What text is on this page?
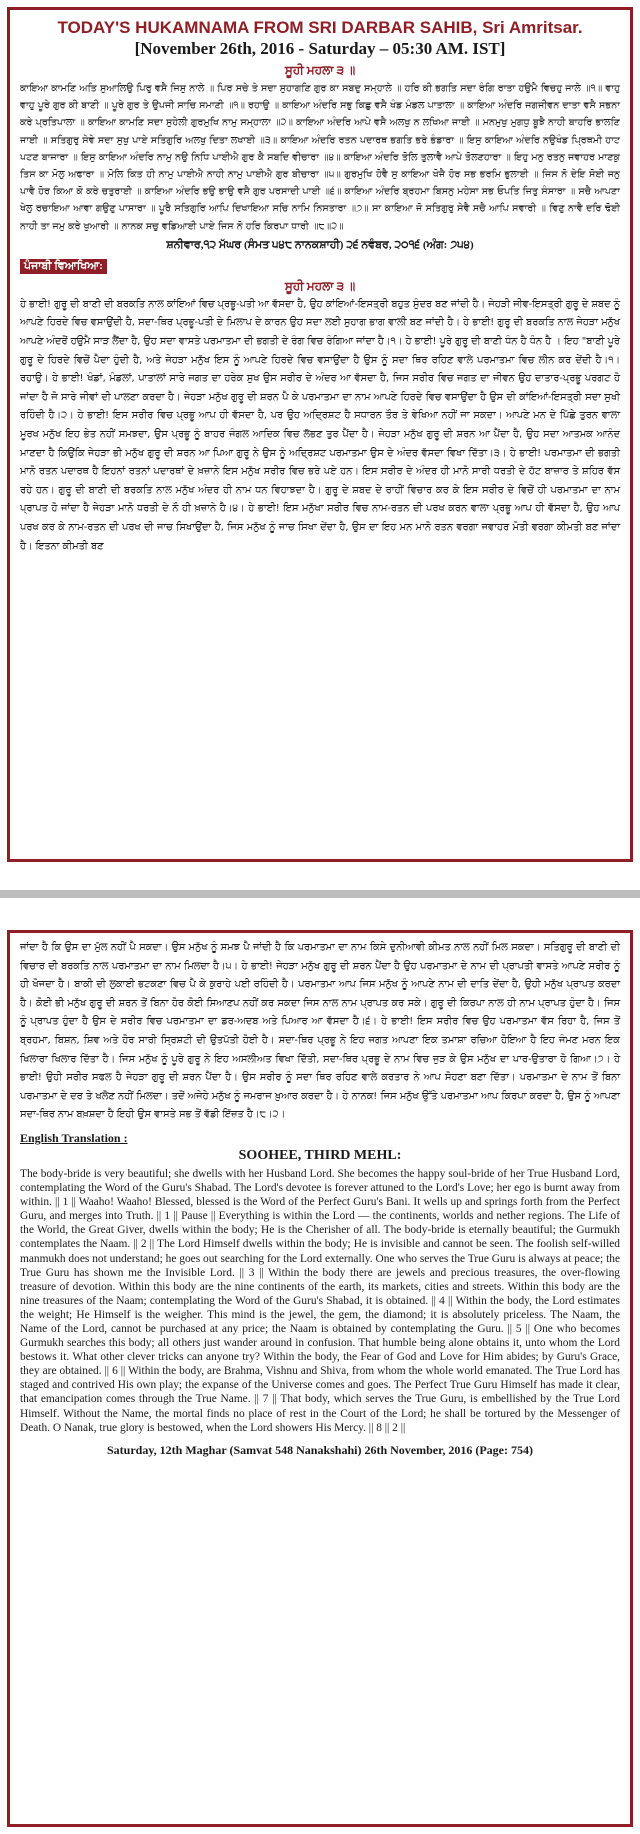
TODAY'S HUKAMNAMA FROM SRI DARBAR SAHIB, Sri Amritsar.
[November 26th, 2016 - Saturday – 05:30 AM. IST]
ਸੂਹੀ ਮਹਲਾ ੩ ॥

ਕਾਇਆ ਕਾਮਣਿ ਅਤਿ ਸੁਆਲਿਉ ਪਿਰੁ ਵਸੈ ਜਿਸੁ ਨਾਲੇ ॥ ਪਿਰ ਸਚੇ ਤੇ ਸਦਾ ਸੁਹਾਗਣਿ ਗੁਰ ਕਾ ਸਬਦੁ ਸਮ੍ਹਾਲੇ ॥ ਹਰਿ ਕੀ ਭਗਤਿ ਸਦਾ ਰੰਗਿ ਰਾਤਾ ਹਉਮੈ ਵਿਚਹੁ ਜਾਲੇ ॥੧॥ ਵਾਹੁ ਵਾਹੁ ਪੂਰੇ ਗੁਰ ਕੀ ਬਾਣੀ ॥ ਪੂਰੇ ਗੁਰ ਤੇ ਉਪਜੀ ਸਾਚਿ ਸਮਾਣੀ ॥੧॥ ਰਹਾਉ ॥ ਕਾਇਆ ਅੰਦਰਿ ਸਭੁ ਕਿਛੁ ਵਸੈ ਖੰਡ ਮੰਡਲ ਪਾਤਾਲਾ ॥ ਕਾਇਆ ਅੰਦਰਿ ਜਗਜੀਵਨ ਦਾਤਾ ਵਸੈ ਸਭਨਾ ਕਰੇ ਪ੍ਰਤਿਪਾਲਾ ॥ ਕਾਇਆ ਕਾਮਣਿ ਸਦਾ ਸੁਹੇਲੀ ਗੁਰਮੁਖਿ ਨਾਮੁ ਸਮ੍ਹਾਲਾ ॥੨॥ ਕਾਇਆ ਅੰਦਰਿ ਆਪੇ ਵਸੈ ਅਲਖੁ ਨ ਲਖਿਆ ਜਾਈ ॥ ਮਨਮੁਖੁ ਮੁਗਧੁ ਬੂਝੈ ਨਾਹੀ ਬਾਹਰਿ ਭਾਲਣਿ ਜਾਈ ॥ ਸਤਿਗੁਰੁ ਸੇਵੇ ਸਦਾ ਸੁਖੁ ਪਾਏ ਸਤਿਗੁਰਿ ਅਲਖੁ ਦਿਤਾ ਲਖਾਈ ॥੩॥ ਕਾਇਆ ਅੰਦਰਿ ਰਤਨ ਪਦਾਰਥ ਭਗਤਿ ਭਰੇ ਭੰਡਾਰਾ ॥ ਇਸੁ ਕਾਇਆ ਅੰਦਰਿ ਨਉਖੰਡ ਪ੍ਰਿਥਮੀ ਹਾਟ ਪਟਣ ਬਾਜਾਰਾ ॥ ਇਸੁ ਕਾਇਆ ਅੰਦਰਿ ਨਾਮੁ ਨਉ ਨਿਧਿ ਪਾਈਐ ਗੁਰ ਕੈ ਸਬਦਿ ਵੀਚਾਰਾ ॥੪॥ ਕਾਇਆ ਅੰਦਰਿ ਤੋਲਿ ਤੁਲਾਵੈ ਆਪੇ ਤੋਲਣਹਾਰਾ ॥ ਇਹੁ ਮਨੁ ਰਤਨੁ ਜਵਾਹਰ ਮਾਣਕੁ ਤਿਸ ਕਾ ਮੋਲੁ ਅਫਾਰਾ ॥ ਮੋਲਿ ਕਿਤ ਹੀ ਨਾਮੁ ਪਾਈਐ ਨਾਹੀ ਨਾਮੁ ਪਾਈਐ ਗੁਰ ਬੀਚਾਰਾ ॥੫॥ ਗੁਰਮੁਖਿ ਹੋਵੈ ਸੁ ਕਾਇਆ ਖੋਜੈ ਹੋਰ ਸਭ ਭਰਮਿ ਭੁਲਾਈ ॥ ਜਿਸ ਨੋ ਦੇਇ ਸੋਈ ਜਨੁ ਪਾਵੈ ਹੋਰ ਕਿਆ ਕੋ ਕਰੇ ਚਤੁਰਾਈ ॥ ਕਾਇਆ ਅੰਦਰਿ ਭਉ ਭਾਉ ਵਸੈ ਗੁਰ ਪਰਸਾਦੀ ਪਾਈ ॥੬॥ ਕਾਇਆ ਅੰਦਰਿ ਬ੍ਰਹਮਾ ਬਿਸਨੁ ਮਹੇਸਾ ਸਭ ਓਪਤਿ ਜਿਤੁ ਸੰਸਾਰਾ ॥ ਸਚੈ ਆਪਣਾ ਖੇਲੁ ਰਚਾਇਆ ਆਵਾ ਗਉਣੁ ਪਾਸਾਰਾ ॥ ਪੂਰੈ ਸਤਿਗੁਰਿ ਆਪਿ ਦਿਖਾਇਆ ਸਚਿ ਨਾਮਿ ਨਿਸਤਾਰਾ ॥੭॥ ਸਾ ਕਾਇਆ ਜੋ ਸਤਿਗੁਰੁ ਸੇਵੈ ਸਚੈ ਆਪਿ ਸਵਾਰੀ ॥ ਵਿਣੁ ਨਾਵੈ ਦਰਿ ਢੋਈ ਨਾਹੀ ਤਾ ਜਮੁ ਕਰੇ ਖੁਆਰੀ ॥ ਨਾਨਕ ਸਚੁ ਵਡਿਆਈ ਪਾਏ ਜਿਸ ਨੋ ਹਰਿ ਕਿਰਪਾ ਧਾਰੀ ॥੮॥੨॥

ਸ਼ਨੀਵਾਰ,੧੨ ਮੱਘਰ (ਸੰਮਤ ੫੪੮ ਨਾਨਕਸ਼ਾਹੀ) ੨੬ ਨਵੰਬਰ, ੨੦੧੬ (ਅੰਗ: ੭੫੪)
ਪੰਜਾਬੀ ਵਿਆਖਿਆ:
ਸੂਹੀ ਮਹਲਾ ੩ ॥

ਹੇ ਭਾਈ! ਗੁਰੂ ਦੀ ਬਾਣੀ ਦੀ ਬਰਕਤਿ ਨਾਲ ਕਾਂਇਆਂ ਵਿਚ ਪ੍ਰਭੂ-ਪਤੀ ਆ ਵੱਸਦਾ ਹੈ, ਉਹ ਕਾਂਇਆਂ-ਇਸਤ੍ਰੀ ਬਹੁਤ ਸੁੰਦਰ ਬਣ ਜਾਂਦੀ ਹੈ। ਜੇਹੜੀ ਜੀਵ-ਇਸਤ੍ਰੀ ਗੁਰੂ ਦੇ ਸ਼ਬਦ ਨੂੰ ਆਪਣੇ ਹਿਰਦੇ ਵਿਚ ਵਸਾਉਂਦੀ ਹੈ, ਸਦਾ-ਥਿਰ ਪ੍ਰਭੂ-ਪਤੀ ਦੇ ਮਿਲਾਪ ਦੇ ਕਾਰਨ ਉਹ ਸਦਾ ਲਈ ਸੁਹਾਗ ਭਾਗ ਵਾਲੀ ਬਣ ਜਾਂਦੀ ਹੈ। ਹੇ ਭਾਈ! ਗੁਰੂ ਦੀ ਬਰਕਤਿ ਨਾਲ ਜੇਹੜਾ ਮਨੁੱਖ ਆਪਣੇ ਅੰਦਰੋਂ ਹਉਮੈ ਸਾੜ ਲੈਂਦਾ ਹੈ, ਉਹ ਸਦਾ ਵਾਸਤੇ ਪਰਮਾਤਮਾ ਦੀ ਭਗਤੀ ਦੇ ਰੰਗ ਵਿਚ ਰੰਗਿਆ ਜਾਂਦਾ ਹੈ।੧। ਹੇ ਭਾਈ! ਪੂਰੇ ਗੁਰੂ ਦੀ ਬਾਣੀ ਧੰਨ ਹੈ ਧੰਨ ਹੈ । ਇਹ "ਬਾਣੀ ਪੂਰੇ ਗੁਰੂ ਦੇ ਹਿਰਦੇ ਵਿਚੋਂ ਪੈਦਾ ਹੁੰਦੀ ਹੈ, ਅਤੇ ਜੇਹੜਾ ਮਨੁੱਖ ਇਸ ਨੂੰ ਆਪਣੇ ਹਿਰਦੇ ਵਿਚ ਵਸਾਉਂਦਾ ਹੈ ਉਸ ਨੂੰ ਸਦਾ ਥਿਰ ਰਹਿਣ ਵਾਲੇ ਪਰਮਾਤਮਾ ਵਿਚ ਲੀਨ ਕਰ ਦੇਂਦੀ ਹੈ।੧। ਰਹਾਉ। ਹੇ ਭਾਈ! ਖੰਡਾਂ, ਮੰਡਲਾਂ, ਪਾਤਾਲਾਂ ਸਾਰੇ ਜਗਤ ਦਾ ਹਰੇਕ ਸੁਖ ਉਸ ਸਰੀਰ ਦੇ ਅੰਦਰ ਆ ਵੱਸਦਾ ਹੈ, ਜਿਸ ਸਰੀਰ ਵਿਚ ਜਗਤ ਦਾ ਜੀਵਨ ਉਹ ਦਾਤਾਰ-ਪ੍ਰਭੂ ਪਰਗਟ ਹੋ ਜਾਂਦਾ ਹੈ ਜੋ ਸਾਰੇ ਜੀਵਾਂ ਦੀ ਪਾਲਣਾ ਕਰਦਾ ਹੈ। ਜੇਹੜਾ ਮਨੁੱਖ ਗੁਰੂ ਦੀ ਸ਼ਰਨ ਪੈ ਕੇ ਪਰਮਾਤਮਾ ਦਾ ਨਾਮ ਆਪਣੇ ਹਿਰਦੇ ਵਿਚ ਵਸਾਉਂਦਾ ਹੈ ਉਸ ਦੀ ਕਾਂਇਆਂ-ਇਸਤ੍ਰੀ ਸਦਾ ਸੁਖੀ ਰਹਿੰਦੀ ਹੈ।੨। ਹੇ ਭਾਈ! ਇਸ ਸਰੀਰ ਵਿਚ ਪ੍ਰਭੂ ਆਪ ਹੀ ਵੱਸਦਾ ਹੈ, ਪਰ ਉਹ ਅਦ੍ਰਿਸ਼ਟ ਹੈ ਸਧਾਰਨ ਤੌਰ ਤੇ ਵੇਖਿਆ ਨਹੀਂ ਜਾ ਸਕਦਾ। ਆਪਣੇ ਮਨ ਦੇ ਪਿੱਛੇ ਤੁਰਨ ਵਾਲਾ ਮੂਰਖ ਮਨੁੱਖ ਇਹ ਭੇਤ ਨਹੀਂ ਸਮਝਦਾ, ਉਸ ਪ੍ਰਭੂ ਨੂੰ ਬਾਹਰ ਜੰਗਲ ਆਦਿਕ ਵਿਚ ਲੱਭਣ ਤੁਰ ਪੈਂਦਾ ਹੈ। ਜੇਹੜਾ ਮਨੁੱਖ ਗੁਰੂ ਦੀ ਸ਼ਰਨ ਆ ਪੈਂਦਾ ਹੈ, ਉਹ ਸਦਾ ਆਤਮਕ ਆਨੰਦ ਮਾਣਦਾ ਹੈ ਕਿਉਂਕਿ ਜੇਹੜਾ ਭੀ ਮਨੁੱਖ ਗੁਰੂ ਦੀ ਸ਼ਰਨ ਆ ਪਿਆ ਗੁਰੂ ਨੇ ਉਸ ਨੂੰ ਅਦ੍ਰਿਸ਼ਟ ਪਰਮਾਤਮਾ ਉਸ ਦੇ ਅੰਦਰ ਵੱਸਦਾ ਵਿਖਾ ਦਿੱਤਾ।੩। ਹੇ ਭਾਈ! ਪਰਮਾਤਮਾ ਦੀ ਭਗਤੀ ਮਾਨੋ ਰਤਨ ਪਦਾਰਥ ਹੈ ਇਹਨਾਂ ਰਤਨਾਂ ਪਦਾਰਥਾਂ ਦੇ ਖ਼ਜ਼ਾਨੇ ਇਸ ਮਨੁੱਖ ਸਰੀਰ ਵਿਚ ਭਰੇ ਪਏ ਹਨ। ਇਸ ਸਰੀਰ ਦੇ ਅੰਦਰ ਹੀ ਮਾਨੋ ਸਾਰੀ ਧਰਤੀ ਦੇ ਹੱਟ ਬਾਜ਼ਾਰ ਤੇ ਸ਼ਹਿਰ ਵੱਸ ਰਹੇ ਹਨ। ਗੁਰੂ ਦੀ ਬਾਣੀ ਦੀ ਬਰਕਤਿ ਨਾਲ ਮਨੁੱਖ ਅੰਦਰ ਹੀ ਨਾਮ ਧਨ ਵਿਹਾਝਦਾ ਹੈ। ਗੁਰੂ ਦੇ ਸ਼ਬਦ ਦੇ ਰਾਹੀਂ ਵਿਚਾਰ ਕਰ ਕੇ ਇਸ ਸਰੀਰ ਦੇ ਵਿਚੋਂ ਹੀ ਪਰਮਾਤਮਾ ਦਾ ਨਾਮ ਪ੍ਰਾਪਤ ਹੋ ਜਾਂਦਾ ਹੈ ਜੇਹੜਾ ਮਾਨੋ ਧਰਤੀ ਦੇ ਨੌ ਹੀ ਖ਼ਜ਼ਾਨੇ ਹੈ।੪। ਹੇ ਭਾਈ! ਇਸ ਮਨੁੱਖਾ ਸਰੀਰ ਵਿਚ ਨਾਮ-ਰਤਨ ਦੀ ਪਰਖ ਕਰਨ ਵਾਲਾ ਪ੍ਰਭੂ ਆਪ ਹੀ ਵੱਸਦਾ ਹੈ, ਉਹ ਆਪ ਪਰਖ ਕਰ ਕੇ ਨਾਮ-ਰਤਨ ਦੀ ਪਰਖ ਦੀ ਜਾਚ ਸਿਖਾਉਂਦਾ ਹੈ, ਜਿਸ ਮਨੁੱਖ ਨੂੰ ਜਾਚ ਸਿਖਾ ਦੇਂਦਾ ਹੈ, ਉਸ ਦਾ ਇਹ ਮਨ ਮਾਨੋ ਰਤਨ ਵਰਗਾ ਜਵਾਹਰ ਮੋਤੀ ਵਰਗਾ ਕੀਮਤੀ ਬਣ ਜਾਂਦਾ ਹੈ। ਇਤਨਾ ਕੀਮਤੀ ਬਣ

ਜਾਂਦਾ ਹੈ ਕਿ ਉਸ ਦਾ ਮੁੱਲ ਨਹੀਂ ਪੈ ਸਕਦਾ। ਉਸ ਮਨੁੱਖ ਨੂੰ ਸਮਝ ਪੈ ਜਾਂਦੀ ਹੈ ਕਿ ਪਰਮਾਤਮਾ ਦਾ ਨਾਮ ਕਿਸੇ ਦੁਨੀਆਵੀ ਕੀਮਤ ਨਾਲ ਨਹੀਂ ਮਿਲ ਸਕਦਾ। ਸਤਿਗੁਰੂ ਦੀ ਬਾਣੀ ਦੀ ਵਿਚਾਰ ਦੀ ਬਰਕਤਿ ਨਾਲ ਪਰਮਾਤਮਾ ਦਾ ਨਾਮ ਮਿਲਦਾ ਹੈ।੫। ਹੇ ਭਾਈ! ਜੇਹੜਾ ਮਨੁੱਖ ਗੁਰੂ ਦੀ ਸ਼ਰਨ ਪੈਂਦਾ ਹੈ ਉਹ ਪਰਮਾਤਮਾ ਦੇ ਨਾਮ ਦੀ ਪ੍ਰਾਪਤੀ ਵਾਸਤੇ ਆਪਣੇ ਸਰੀਰ ਨੂੰ ਹੀ ਖੋਜਦਾ ਹੈ। ਬਾਕੀ ਦੀ ਲੁਕਾਈ ਭਟਕਣਾ ਵਿਚ ਪੈ ਕੇ ਕੁਰਾਹੇ ਪਈ ਰਹਿੰਦੀ ਹੈ। ਪਰਮਾਤਮਾ ਆਪ ਜਿਸ ਮਨੁੱਖ ਨੂੰ ਆਪਣੇ ਨਾਮ ਦੀ ਦਾਤਿ ਦੇਂਦਾ ਹੈ, ਉਹੀ ਮਨੁੱਖ ਪ੍ਰਾਪਤ ਕਰਦਾ ਹੈ। ਕੋਈ ਭੀ ਮਨੁੱਖ ਗੁਰੂ ਦੀ ਸ਼ਰਨ ਤੋਂ ਬਿਨਾ ਹੋਰ ਕੋਈ ਸਿਆਣਪ ਨਹੀਂ ਕਰ ਸਕਦਾ ਜਿਸ ਨਾਲ ਨਾਮ ਪ੍ਰਾਪਤ ਕਰ ਸਕੇ। ਗੁਰੂ ਦੀ ਕਿਰਪਾ ਨਾਲ ਹੀ ਨਾਮ ਪ੍ਰਾਪਤ ਹੁੰਦਾ ਹੈ। ਜਿਸ ਨੂੰ ਪ੍ਰਾਪਤ ਹੁੰਦਾ ਹੈ ਉਸ ਦੇ ਸਰੀਰ ਵਿਚ ਪਰਮਾਤਮਾ ਦਾ ਡਰ-ਅਦਬ ਅਤੇ ਪਿਆਰ ਆ ਵੱਸਦਾ ਹੈ।੬। ਹੇ ਭਾਈ! ਇਸ ਸਰੀਰ ਵਿਚ ਉਹ ਪਰਮਾਤਮਾ ਵੱਸ ਰਿਹਾ ਹੈ, ਜਿਸ ਤੋਂ ਬ੍ਰਹਮਾ, ਬਿਸ਼ਨ, ਸ਼ਿਵ ਅਤੇ ਹੋਰ ਸਾਰੀ ਸ੍ਰਿਸ਼ਟੀ ਦੀ ਉਤਪੱਤੀ ਹੋਈ ਹੈ। ਸਦਾ-ਥਿਰ ਪ੍ਰਭੂ ਨੇ ਇਹ ਜਗਤ ਆਪਣਾ ਇਕ ਤਮਾਸ਼ਾ ਰਚਿਆ ਹੋਇਆ ਹੈ ਇਹ ਜੰਮਣ ਮਰਨ ਇਕ ਖਿਲਾਰਾ ਖਿਲਾਰ ਦਿੱਤਾ ਹੈ। ਜਿਸ ਮਨੁੱਖ ਨੂੰ ਪੂਰੇ ਗੁਰੂ ਨੇ ਇਹ ਅਸਲੀਅਤ ਵਿਖਾ ਦਿੱਤੀ, ਸਦਾ-ਥਿਰ ਪ੍ਰਭੂ ਦੇ ਨਾਮ ਵਿਚ ਜੁੜ ਕੇ ਉਸ ਮਨੁੱਖ ਦਾ ਪਾਰ-ਉਤਾਰਾ ਹੋ ਗਿਆ।੭। ਹੇ ਭਾਈ! ਉਹੀ ਸਰੀਰ ਸਫਲ ਹੈ ਜੇਹੜਾ ਗੁਰੂ ਦੀ ਸ਼ਰਨ ਪੈਂਦਾ ਹੈ। ਉਸ ਸਰੀਰ ਨੂੰ ਸਦਾ ਥਿਰ ਰਹਿਣ ਵਾਲੇ ਕਰਤਾਰ ਨੇ ਆਪ ਸੋਹਣਾ ਬਣਾ ਦਿੱਤਾ। ਪਰਮਾਤਮਾ ਦੇ ਨਾਮ ਤੋਂ ਬਿਨਾ ਪਰਮਾਤਮਾ ਦੇ ਦਰ ਤੇ ਖਲੋਣ ਨਹੀਂ ਮਿਲਦਾ। ਤਦੋਂ ਅਜੇਹੇ ਮਨੁੱਖ ਨੂੰ ਜਮਰਾਜ ਖ਼ੁਆਰ ਕਰਦਾ ਹੈ। ਹੇ ਨਾਨਕ! ਜਿਸ ਮਨੁੱਖ ਉੱਤੇ ਪਰਮਾਤਮਾ ਆਪ ਕਿਰਪਾ ਕਰਦਾ ਹੈ, ਉਸ ਨੂੰ ਆਪਣਾ ਸਦਾ-ਥਿਰ ਨਾਮ ਬਖ਼ਸ਼ਦਾ ਹੈ ਇਹੀ ਉਸ ਵਾਸਤੇ ਸਭ ਤੋਂ ਵੱਡੀ ਇੱਜ਼ਤ ਹੈ।੮।੨।

English Translation :
SOOHEE, THIRD MEHL:

The body-bride is very beautiful; she dwells with her Husband Lord. She becomes the happy soul-bride of her True Husband Lord, contemplating the Word of the Guru's Shabad. The Lord's devotee is forever attuned to the Lord's Love; her ego is burnt away from within. || 1 || Waaho! Waaho! Blessed, blessed is the Word of the Perfect Guru's Bani. It wells up and springs forth from the Perfect Guru, and merges into Truth. || 1 || Pause || Everything is within the Lord — the continents, worlds and nether regions. The Life of the World, the Great Giver, dwells within the body; He is the Cherisher of all. The body-bride is eternally beautiful; the Gurmukh contemplates the Naam. || 2 || The Lord Himself dwells within the body; He is invisible and cannot be seen. The foolish self-willed manmukh does not understand; he goes out searching for the Lord externally. One who serves the True Guru is always at peace; the True Guru has shown me the Invisible Lord. || 3 || Within the body there are jewels and precious treasures, the over-flowing treasure of devotion. Within this body are the nine continents of the earth, its markets, cities and streets. Within this body are the nine treasures of the Naam; contemplating the Word of the Guru's Shabad, it is obtained. || 4 || Within the body, the Lord estimates the weight; He Himself is the weigher. This mind is the jewel, the gem, the diamond; it is absolutely priceless. The Naam, the Name of the Lord, cannot be purchased at any price; the Naam is obtained by contemplating the Guru. || 5 || One who becomes Gurmukh searches this body; all others just wander around in confusion. That humble being alone obtains it, unto whom the Lord bestows it. What other clever tricks can anyone try? Within the body, the Fear of God and Love for Him abides; by Guru's Grace, they are obtained. || 6 || Within the body, are Brahma, Vishnu and Shiva, from whom the whole world emanated. The True Lord has staged and contrived His own play; the expanse of the Universe comes and goes. The Perfect True Guru Himself has made it clear, that emancipation comes through the True Name. || 7 || That body, which serves the True Guru, is embellished by the True Lord Himself. Without the Name, the mortal finds no place of rest in the Court of the Lord; he shall be tortured by the Messenger of Death. O Nanak, true glory is bestowed, when the Lord showers His Mercy. || 8 || 2 ||

Saturday, 12th Maghar (Samvat 548 Nanakshahi) 26th November, 2016 (Page: 754)
